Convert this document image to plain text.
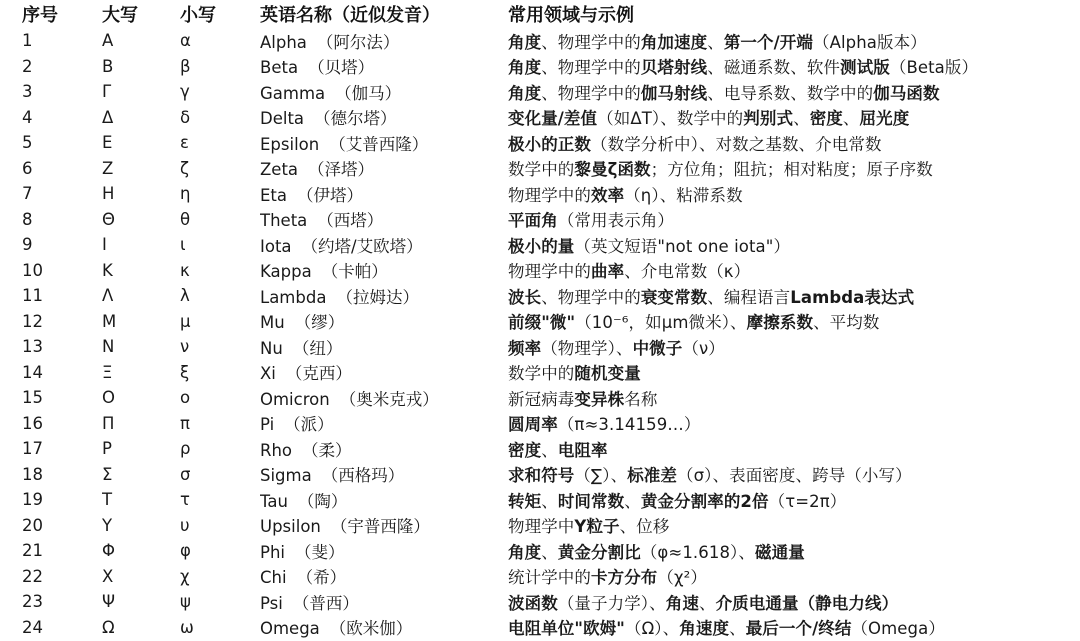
序号	大写	小写	英语名称（近似发音）	常用领域与示例
1	Α	α	Alpha （阿尔法）	角度、物理学中的角加速度、第一个/开端（Alpha版本）
2	Β	β	Beta （贝塔）	角度、物理学中的贝塔射线、磁通系数、软件测试版（Beta版）
3	Γ	γ	Gamma （伽马）	角度、物理学中的伽马射线、电导系数、数学中的伽马函数
4	Δ	δ	Delta （德尔塔）	变化量/差值（如ΔT）、数学中的判别式、密度、屈光度
5	Ε	ε	Epsilon （艾普西隆）	极小的正数（数学分析中）、对数之基数、介电常数
6	Ζ	ζ	Zeta （泽塔）	数学中的黎曼ζ函数；方位角；阻抗；相对粘度；原子序数
7	Η	η	Eta （伊塔）	物理学中的效率（η）、粘滞系数
8	Θ	θ	Theta （西塔）	平面角（常用表示角）
9	Ι	ι	Iota （约塔/艾欧塔）	极小的量（英文短语"not one iota"）
10	Κ	κ	Kappa （卡帕）	物理学中的曲率、介电常数（κ）
11	Λ	λ	Lambda （拉姆达）	波长、物理学中的衰变常数、编程语言Lambda表达式
12	Μ	μ	Mu （缪）	前缀"微"（10⁻⁶，如μm微米）、摩擦系数、平均数
13	Ν	ν	Nu （纽）	频率（物理学）、中微子（ν）
14	Ξ	ξ	Xi （克西）	数学中的随机变量
15	Ο	ο	Omicron （奥米克戎）	新冠病毒变异株名称
16	Π	π	Pi （派）	圆周率（π≈3.14159…）
17	Ρ	ρ	Rho （柔）	密度、电阻率
18	Σ	σ	Sigma （西格玛）	求和符号（∑）、标准差（σ）、表面密度、跨导（小写）
19	Τ	τ	Tau （陶）	转矩、时间常数、黄金分割率的2倍（τ=2π）
20	Υ	υ	Upsilon （宇普西隆）	物理学中Υ粒子、位移
21	Φ	φ	Phi （斐）	角度、黄金分割比（φ≈1.618）、磁通量
22	Χ	χ	Chi （希）	统计学中的卡方分布（χ²）
23	Ψ	ψ	Psi （普西）	波函数（量子力学）、角速、介质电通量（静电力线）
24	Ω	ω	Omega （欧米伽）	电阻单位"欧姆"（Ω）、角速度、最后一个/终结（Omega）
